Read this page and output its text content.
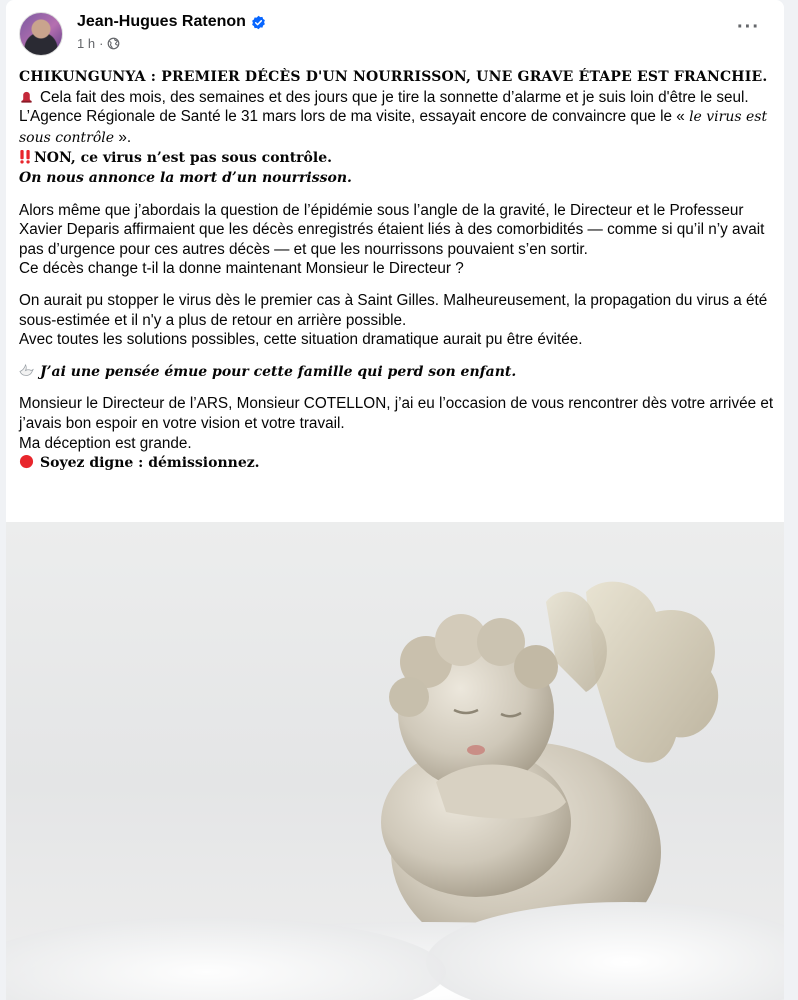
Jean-Hugues Ratenon
1 h ·
···

CHIKUNGUNYA : PREMIER DÉCÈS D'UN NOURRISSON, UNE GRAVE ÉTAPE EST FRANCHIE.

Cela fait des mois, des semaines et des jours que je tire la sonnette d’alarme et je suis loin d'être le seul.

L’Agence Régionale de Santé le 31 mars lors de ma visite, essayait encore de convaincre que le « le virus est sous contrôle ».

NON, ce virus n’est pas sous contrôle.

On nous annonce la mort d’un nourrisson.

Alors même que j’abordais la question de l’épidémie sous l’angle de la gravité, le Directeur et le Professeur Xavier Deparis affirmaient que les décès enregistrés étaient liés à des comorbidités — comme si qu’il n’y avait pas d’urgence pour ces autres décès — et que les nourrissons pouvaient s’en sortir.

Ce décès change t-il la donne maintenant Monsieur le Directeur ?

On aurait pu stopper le virus dès le premier cas à Saint Gilles. Malheureusement, la propagation du virus a été sous-estimée et il n'y a plus de retour en arrière possible.

Avec toutes les solutions possibles, cette situation dramatique aurait pu être évitée.

J’ai une pensée émue pour cette famille qui perd son enfant.

Monsieur le Directeur de l’ARS, Monsieur COTELLON, j’ai eu l’occasion de vous rencontrer dès votre arrivée et j’avais bon espoir en votre vision et votre travail.

Ma déception est grande.

Soyez digne : démissionnez.
